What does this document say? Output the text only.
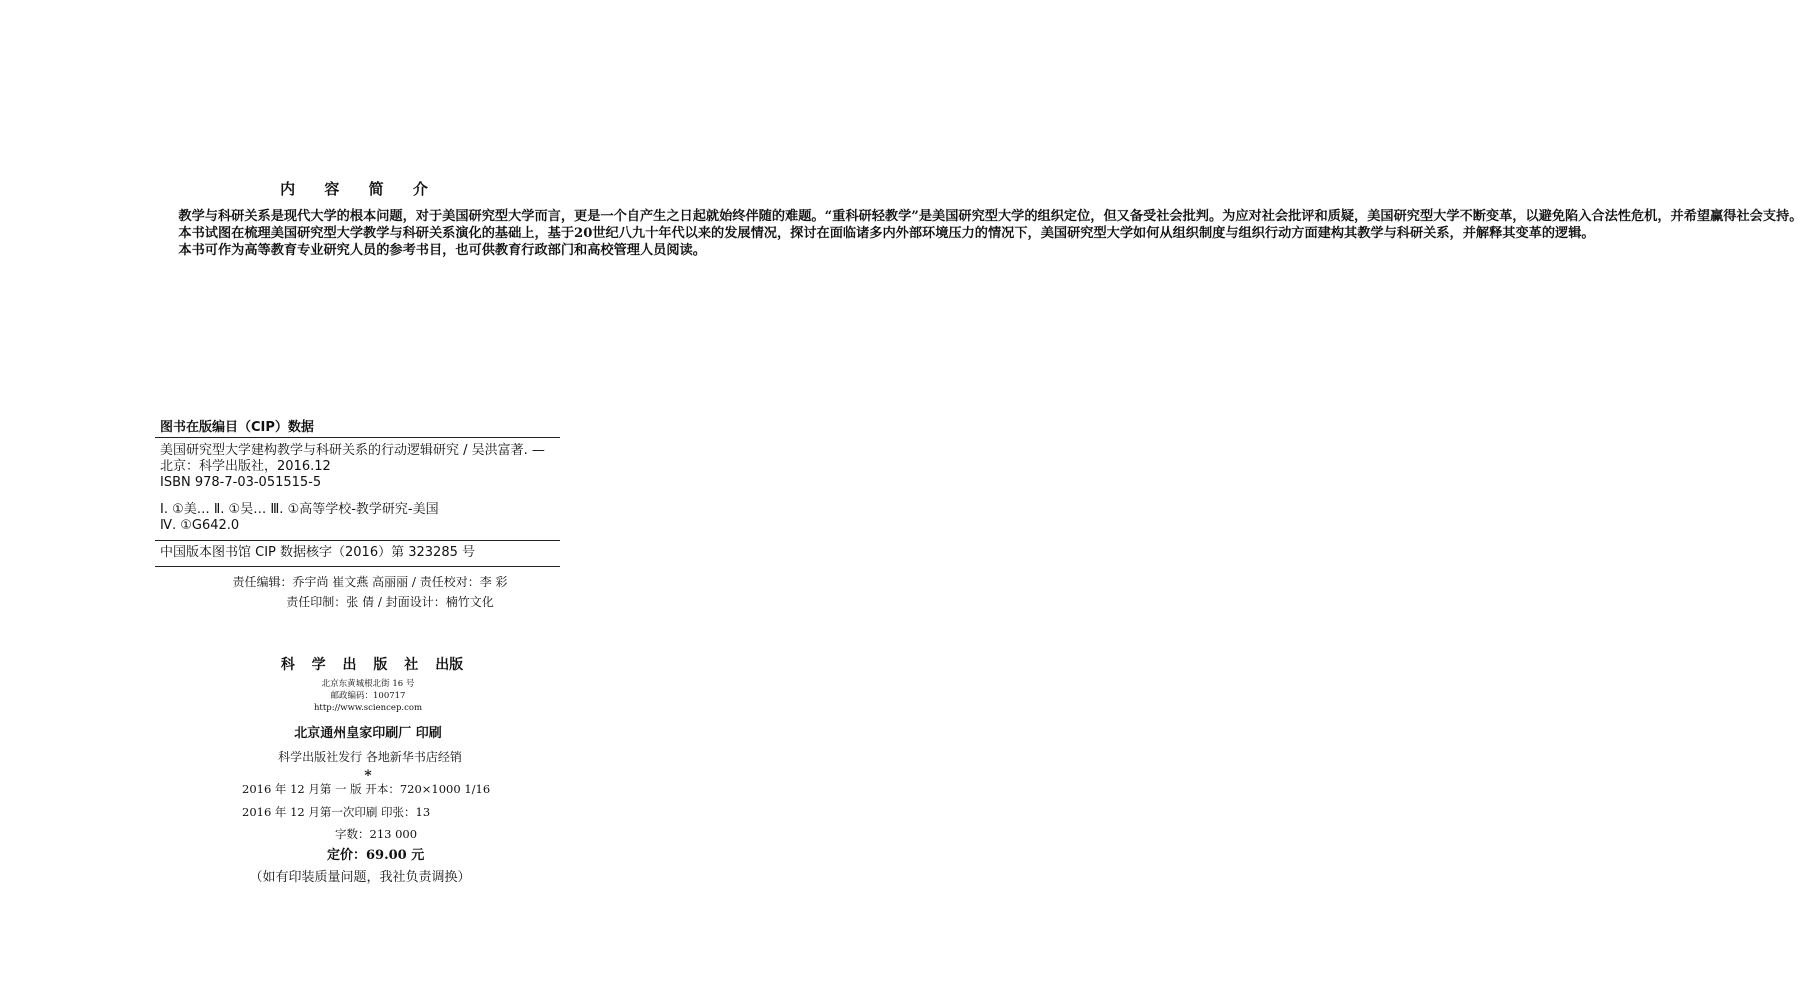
内 容 简 介

教学与科研关系是现代大学的根本问题，对于美国研究型大学而言，更是一个自产生之日起就始终伴随的难题。“重科研轻教学”是美国研究型大学的组织定位，但又备受社会批判。为应对社会批评和质疑，美国研究型大学不断变革，以避免陷入合法性危机，并希望赢得社会支持。

本书试图在梳理美国研究型大学教学与科研关系演化的基础上，基于20世纪八九十年代以来的发展情况，探讨在面临诸多内外部环境压力的情况下，美国研究型大学如何从组织制度与组织行动方面建构其教学与科研关系，并解释其变革的逻辑。

本书可作为高等教育专业研究人员的参考书目，也可供教育行政部门和高校管理人员阅读。

图书在版编目（CIP）数据
美国研究型大学建构教学与科研关系的行动逻辑研究 / 吴洪富著. —
北京：科学出版社，2016.12
ISBN 978-7-03-051515-5
Ⅰ. ①美… Ⅱ. ①吴… Ⅲ. ①高等学校-教学研究-美国
Ⅳ. ①G642.0
中国版本图书馆 CIP 数据核字（2016）第 323285 号
责任编辑：乔宇尚 崔文燕 高丽丽 / 责任校对：李 彩
责任印制：张 倩 / 封面设计：楠竹文化
科 学 出 版 社 出版
北京东黄城根北街 16 号
邮政编码：100717
http://www.sciencep.com
北京通州皇家印刷厂 印刷
科学出版社发行 各地新华书店经销
*
2016 年 12 月第 一 版 开本：720×1000 1/16
2016 年 12 月第一次印刷 印张：13
字数：213 000
定价：69.00 元
（如有印装质量问题，我社负责调换）
